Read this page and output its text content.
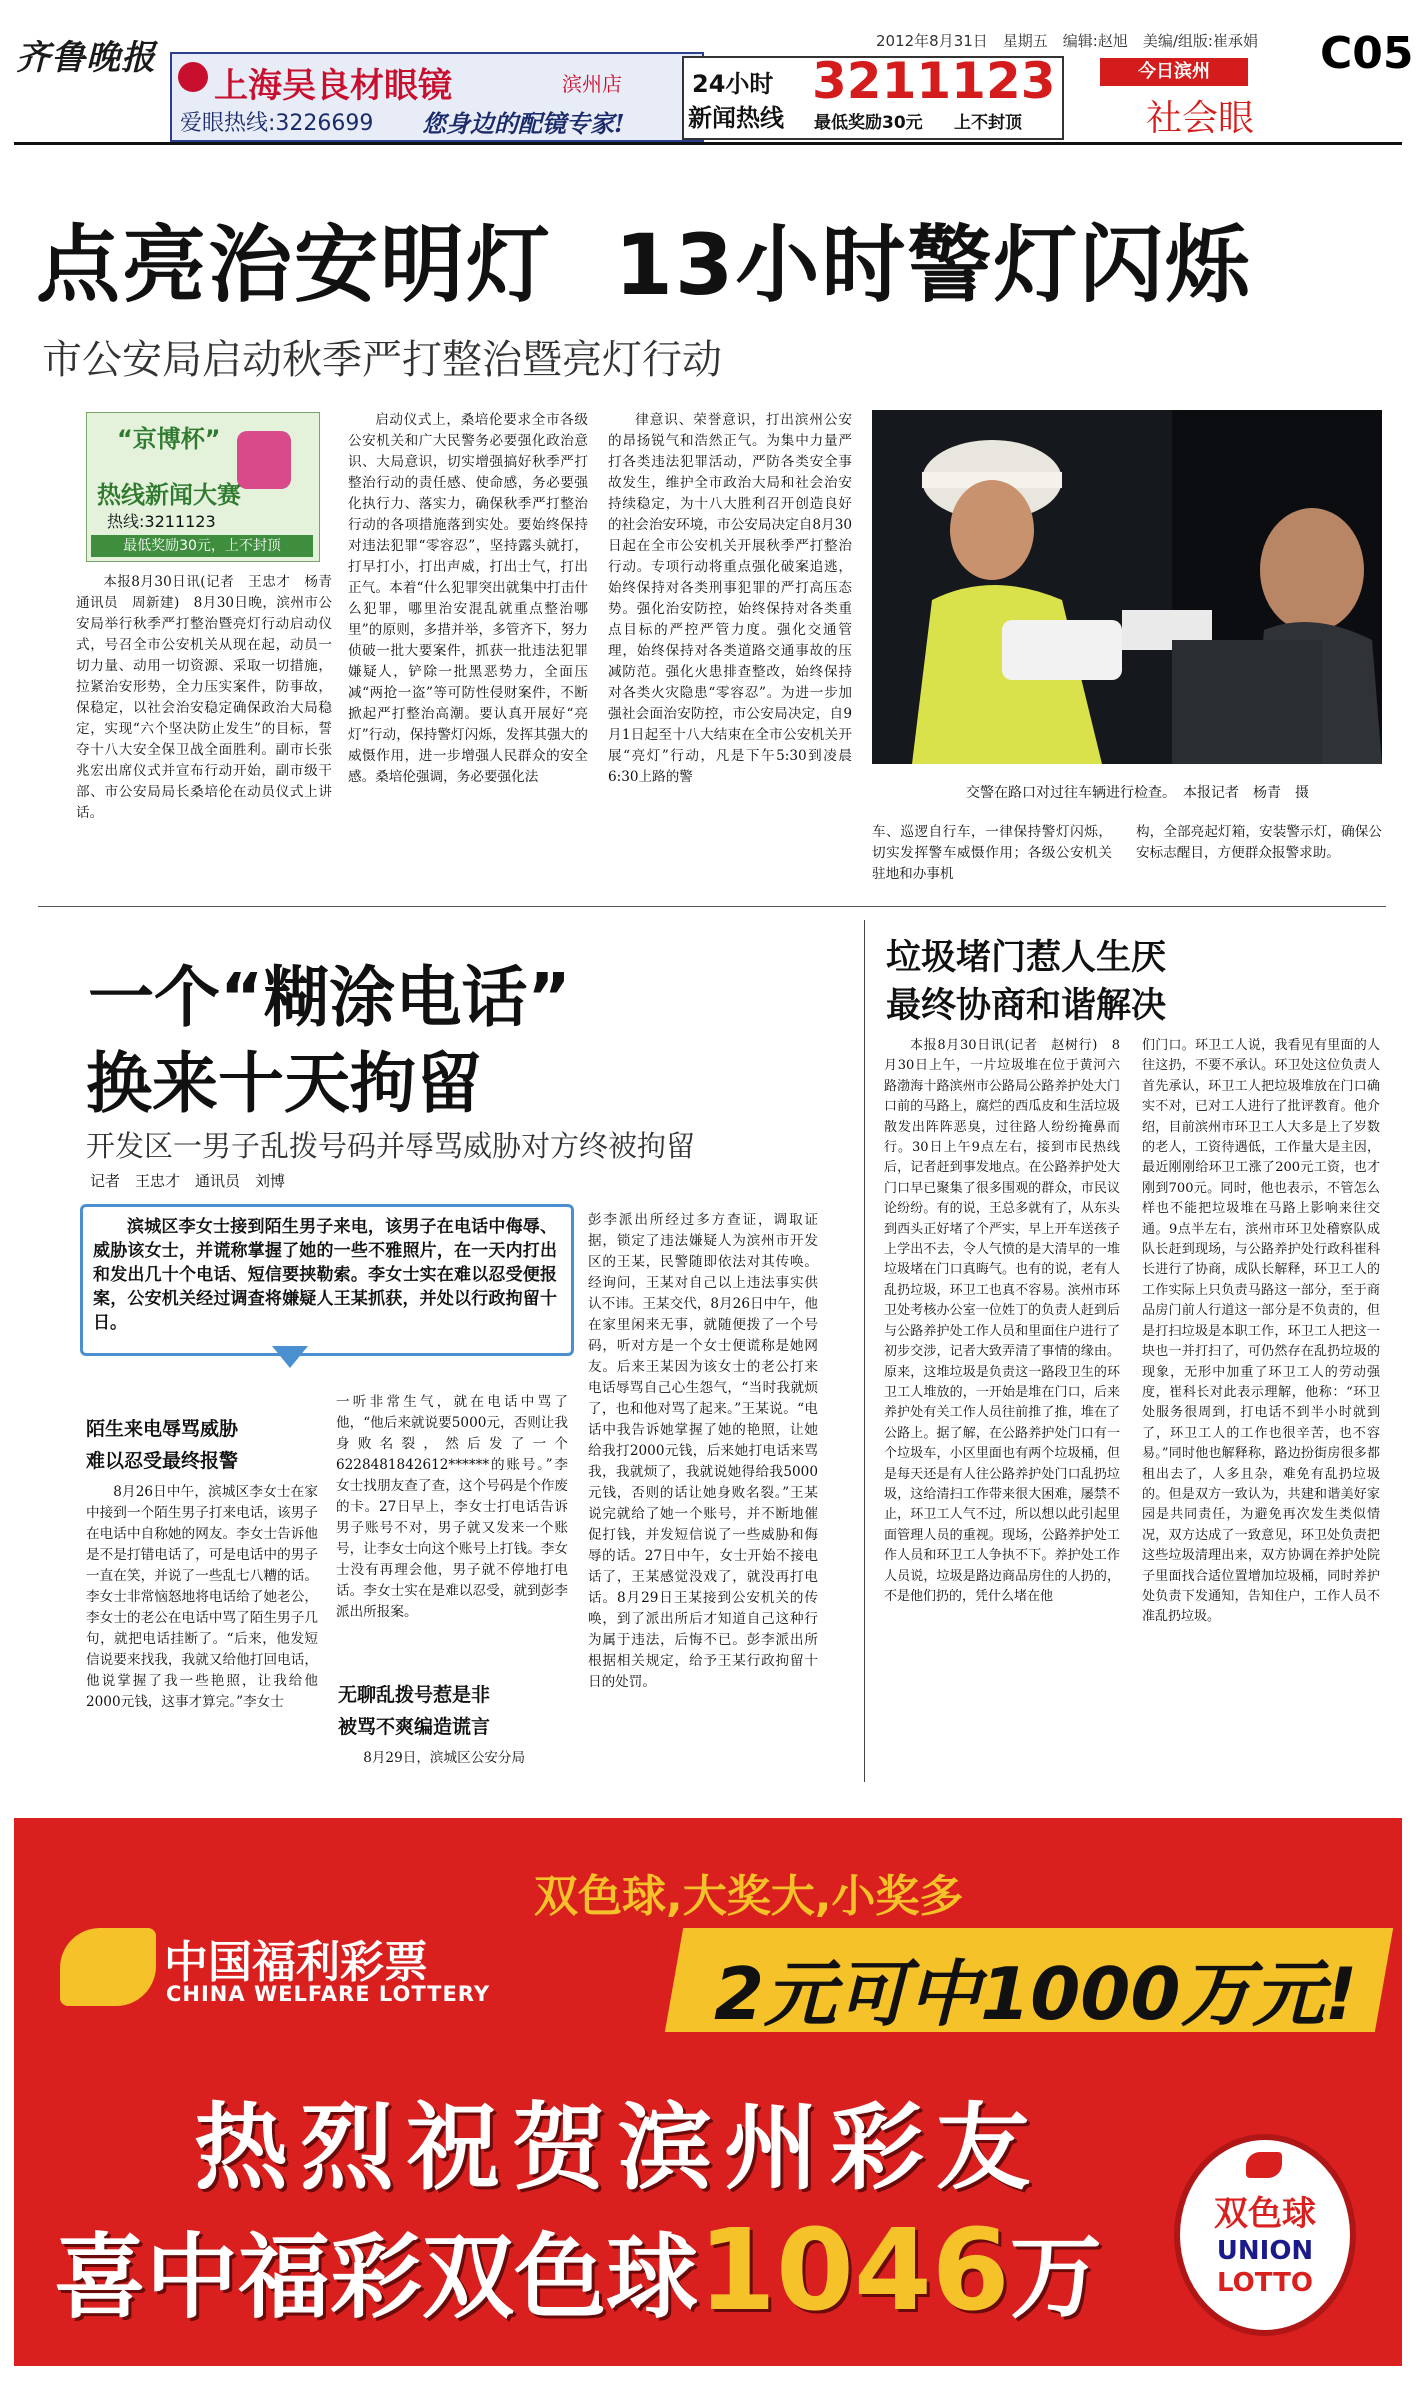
齐鲁晚报
上海吴良材眼镜	滨州店
爱眼热线:3226699 您身边的配镜专家!
24小时
新闻热线
3211123
最低奖励30元 上不封顶
2012年8月31日　星期五　编辑:赵旭　美编/组版:崔承娟
今日滨州
社会眼
C05
点亮治安明灯  13小时警灯闪烁
市公安局启动秋季严打整治暨亮灯行动
“京博杯”
热线新闻大赛
热线:3211123
最低奖励30元，上不封顶

本报8月30日讯(记者　王忠才　杨青　通讯员　周新建)　8月30日晚，滨州市公安局举行秋季严打整治暨亮灯行动启动仪式，号召全市公安机关从现在起，动员一切力量、动用一切资源、采取一切措施，拉紧治安形势，全力压实案件，防事故，保稳定，以社会治安稳定确保政治大局稳定，实现“六个坚决防止发生”的目标，誓夺十八大安全保卫战全面胜利。副市长张兆宏出席仪式并宣布行动开始，副市级干部、市公安局局长桑培伦在动员仪式上讲话。

启动仪式上，桑培伦要求全市各级公安机关和广大民警务必要强化政治意识、大局意识，切实增强搞好秋季严打整治行动的责任感、使命感，务必要强化执行力、落实力，确保秋季严打整治行动的各项措施落到实处。要始终保持对违法犯罪“零容忍”，坚持露头就打，打早打小，打出声威，打出士气，打出正气。本着“什么犯罪突出就集中打击什么犯罪，哪里治安混乱就重点整治哪里”的原则，多措并举，多管齐下，努力侦破一批大要案件，抓获一批违法犯罪嫌疑人，铲除一批黑恶势力，全面压减“两抢一盗”等可防性侵财案件，不断掀起严打整治高潮。要认真开展好“亮灯”行动，保持警灯闪烁，发挥其强大的威慑作用，进一步增强人民群众的安全感。桑培伦强调，务必要强化法

律意识、荣誉意识，打出滨州公安的昂扬锐气和浩然正气。为集中力量严打各类违法犯罪活动，严防各类安全事故发生，维护全市政治大局和社会治安持续稳定，为十八大胜利召开创造良好的社会治安环境，市公安局决定自8月30日起在全市公安机关开展秋季严打整治行动。专项行动将重点强化破案追逃，始终保持对各类刑事犯罪的严打高压态势。强化治安防控，始终保持对各类重点目标的严控严管力度。强化交通管理，始终保持对各类道路交通事故的压减防范。强化火患排查整改，始终保持对各类火灾隐患“零容忍”。为进一步加强社会面治安防控，市公安局决定，自9月1日起至十八大结束在全市公安机关开展“亮灯”行动，凡是下午5:30到凌晨6:30上路的警

交警在路口对过往车辆进行检查。　本报记者　杨青　摄

车、巡逻自行车，一律保持警灯闪烁，切实发挥警车威慑作用；各级公安机关驻地和办事机

构，全部亮起灯箱，安装警示灯，确保公安标志醒目，方便群众报警求助。

一个“糊涂电话”
换来十天拘留
开发区一男子乱拨号码并辱骂威胁对方终被拘留
记者　王忠才　通讯员　刘博
滨城区李女士接到陌生男子来电，该男子在电话中侮辱、威胁该女士，并谎称掌握了她的一些不雅照片，在一天内打出和发出几十个电话、短信要挟勒索。李女士实在难以忍受便报案，公安机关经过调查将嫌疑人王某抓获，并处以行政拘留十日。
陌生来电辱骂威胁
难以忍受最终报警

8月26日中午，滨城区李女士在家中接到一个陌生男子打来电话，该男子在电话中自称她的网友。李女士告诉他是不是打错电话了，可是电话中的男子一直在笑，并说了一些乱七八糟的话。李女士非常恼怒地将电话给了她老公，李女士的老公在电话中骂了陌生男子几句，就把电话挂断了。“后来，他发短信说要来找我，我就又给他打回电话，他说掌握了我一些艳照，让我给他2000元钱，这事才算完。”李女士

一听非常生气，就在电话中骂了他，“他后来就说要5000元，否则让我身败名裂，然后发了一个6228481842612******的账号。”李女士找朋友查了查，这个号码是个作废的卡。27日早上，李女士打电话告诉男子账号不对，男子就又发来一个账号，让李女士向这个账号上打钱。李女士没有再理会他，男子就不停地打电话。李女士实在是难以忍受，就到彭李派出所报案。

无聊乱拨号惹是非
被骂不爽编造谎言

8月29日，滨城区公安分局

彭李派出所经过多方查证，调取证据，锁定了违法嫌疑人为滨州市开发区的王某，民警随即依法对其传唤。经询问，王某对自己以上违法事实供认不讳。王某交代，8月26日中午，他在家里闲来无事，就随便拨了一个号码，听对方是一个女士便谎称是她网友。后来王某因为该女士的老公打来电话辱骂自己心生怨气，“当时我就烦了，也和他对骂了起来。”王某说。“电话中我告诉她掌握了她的艳照，让她给我打2000元钱，后来她打电话来骂我，我就烦了，我就说她得给我5000元钱，否则的话让她身败名裂。”王某说完就给了她一个账号，并不断地催促打钱，并发短信说了一些威胁和侮辱的话。27日中午，女士开始不接电话了，王某感觉没戏了，就没再打电话。8月29日王某接到公安机关的传唤，到了派出所后才知道自己这种行为属于违法，后悔不已。彭李派出所根据相关规定，给予王某行政拘留十日的处罚。

垃圾堵门惹人生厌
最终协商和谐解决

本报8月30日讯(记者　赵树行)　8月30日上午，一片垃圾堆在位于黄河六路渤海十路滨州市公路局公路养护处大门口前的马路上，腐烂的西瓜皮和生活垃圾散发出阵阵恶臭，过往路人纷纷掩鼻而行。30日上午9点左右，接到市民热线后，记者赶到事发地点。在公路养护处大门口早已聚集了很多围观的群众，市民议论纷纷。有的说，王总多就有了，从东头到西头正好堵了个严实，早上开车送孩子上学出不去，令人气愤的是大清早的一堆垃圾堵在门口真晦气。也有的说，老有人乱扔垃圾，环卫工也真不容易。滨州市环卫处考核办公室一位姓丁的负责人赶到后与公路养护处工作人员和里面住户进行了初步交涉，记者大致弄清了事情的缘由。原来，这堆垃圾是负责这一路段卫生的环卫工人堆放的，一开始是堆在门口，后来养护处有关工作人员往前推了推，堆在了公路上。据了解，在公路养护处门口有一个垃圾车，小区里面也有两个垃圾桶，但是每天还是有人往公路养护处门口乱扔垃圾，这给清扫工作带来很大困难，屡禁不止，环卫工人气不过，所以想以此引起里面管理人员的重视。现场，公路养护处工作人员和环卫工人争执不下。养护处工作人员说，垃圾是路边商品房住的人扔的，不是他们扔的，凭什么堵在他

们门口。环卫工人说，我看见有里面的人往这扔，不要不承认。环卫处这位负责人首先承认，环卫工人把垃圾堆放在门口确实不对，已对工人进行了批评教育。他介绍，目前滨州市环卫工人大多是上了岁数的老人，工资待遇低，工作量大是主因，最近刚刚给环卫工涨了200元工资，也才刚到700元。同时，他也表示，不管怎么样也不能把垃圾堆在马路上影响来往交通。9点半左右，滨州市环卫处稽察队成队长赶到现场，与公路养护处行政科崔科长进行了协商，成队长解释，环卫工人的工作实际上只负责马路这一部分，至于商品房门前人行道这一部分是不负责的，但是打扫垃圾是本职工作，环卫工人把这一块也一并打扫了，可仍然存在乱扔垃圾的现象，无形中加重了环卫工人的劳动强度，崔科长对此表示理解，他称：“环卫处服务很周到，打电话不到半小时就到了，环卫工人的工作也很辛苦，也不容易。”同时他也解释称，路边扮街房很多都租出去了，人多且杂，难免有乱扔垃圾的。但是双方一致认为，共建和谐美好家园是共同责任，为避免再次发生类似情况，双方达成了一致意见，环卫处负责把这些垃圾清理出来，双方协调在养护处院子里面找合适位置增加垃圾桶，同时养护处负责下发通知，告知住户，工作人员不准乱扔垃圾。

中国福利彩票
CHINA WELFARE LOTTERY
双色球,大奖大,小奖多
2元可中1000万元!
热烈祝贺滨州彩友
喜中福彩双色球1046万
双色球
UNION
LOTTO
